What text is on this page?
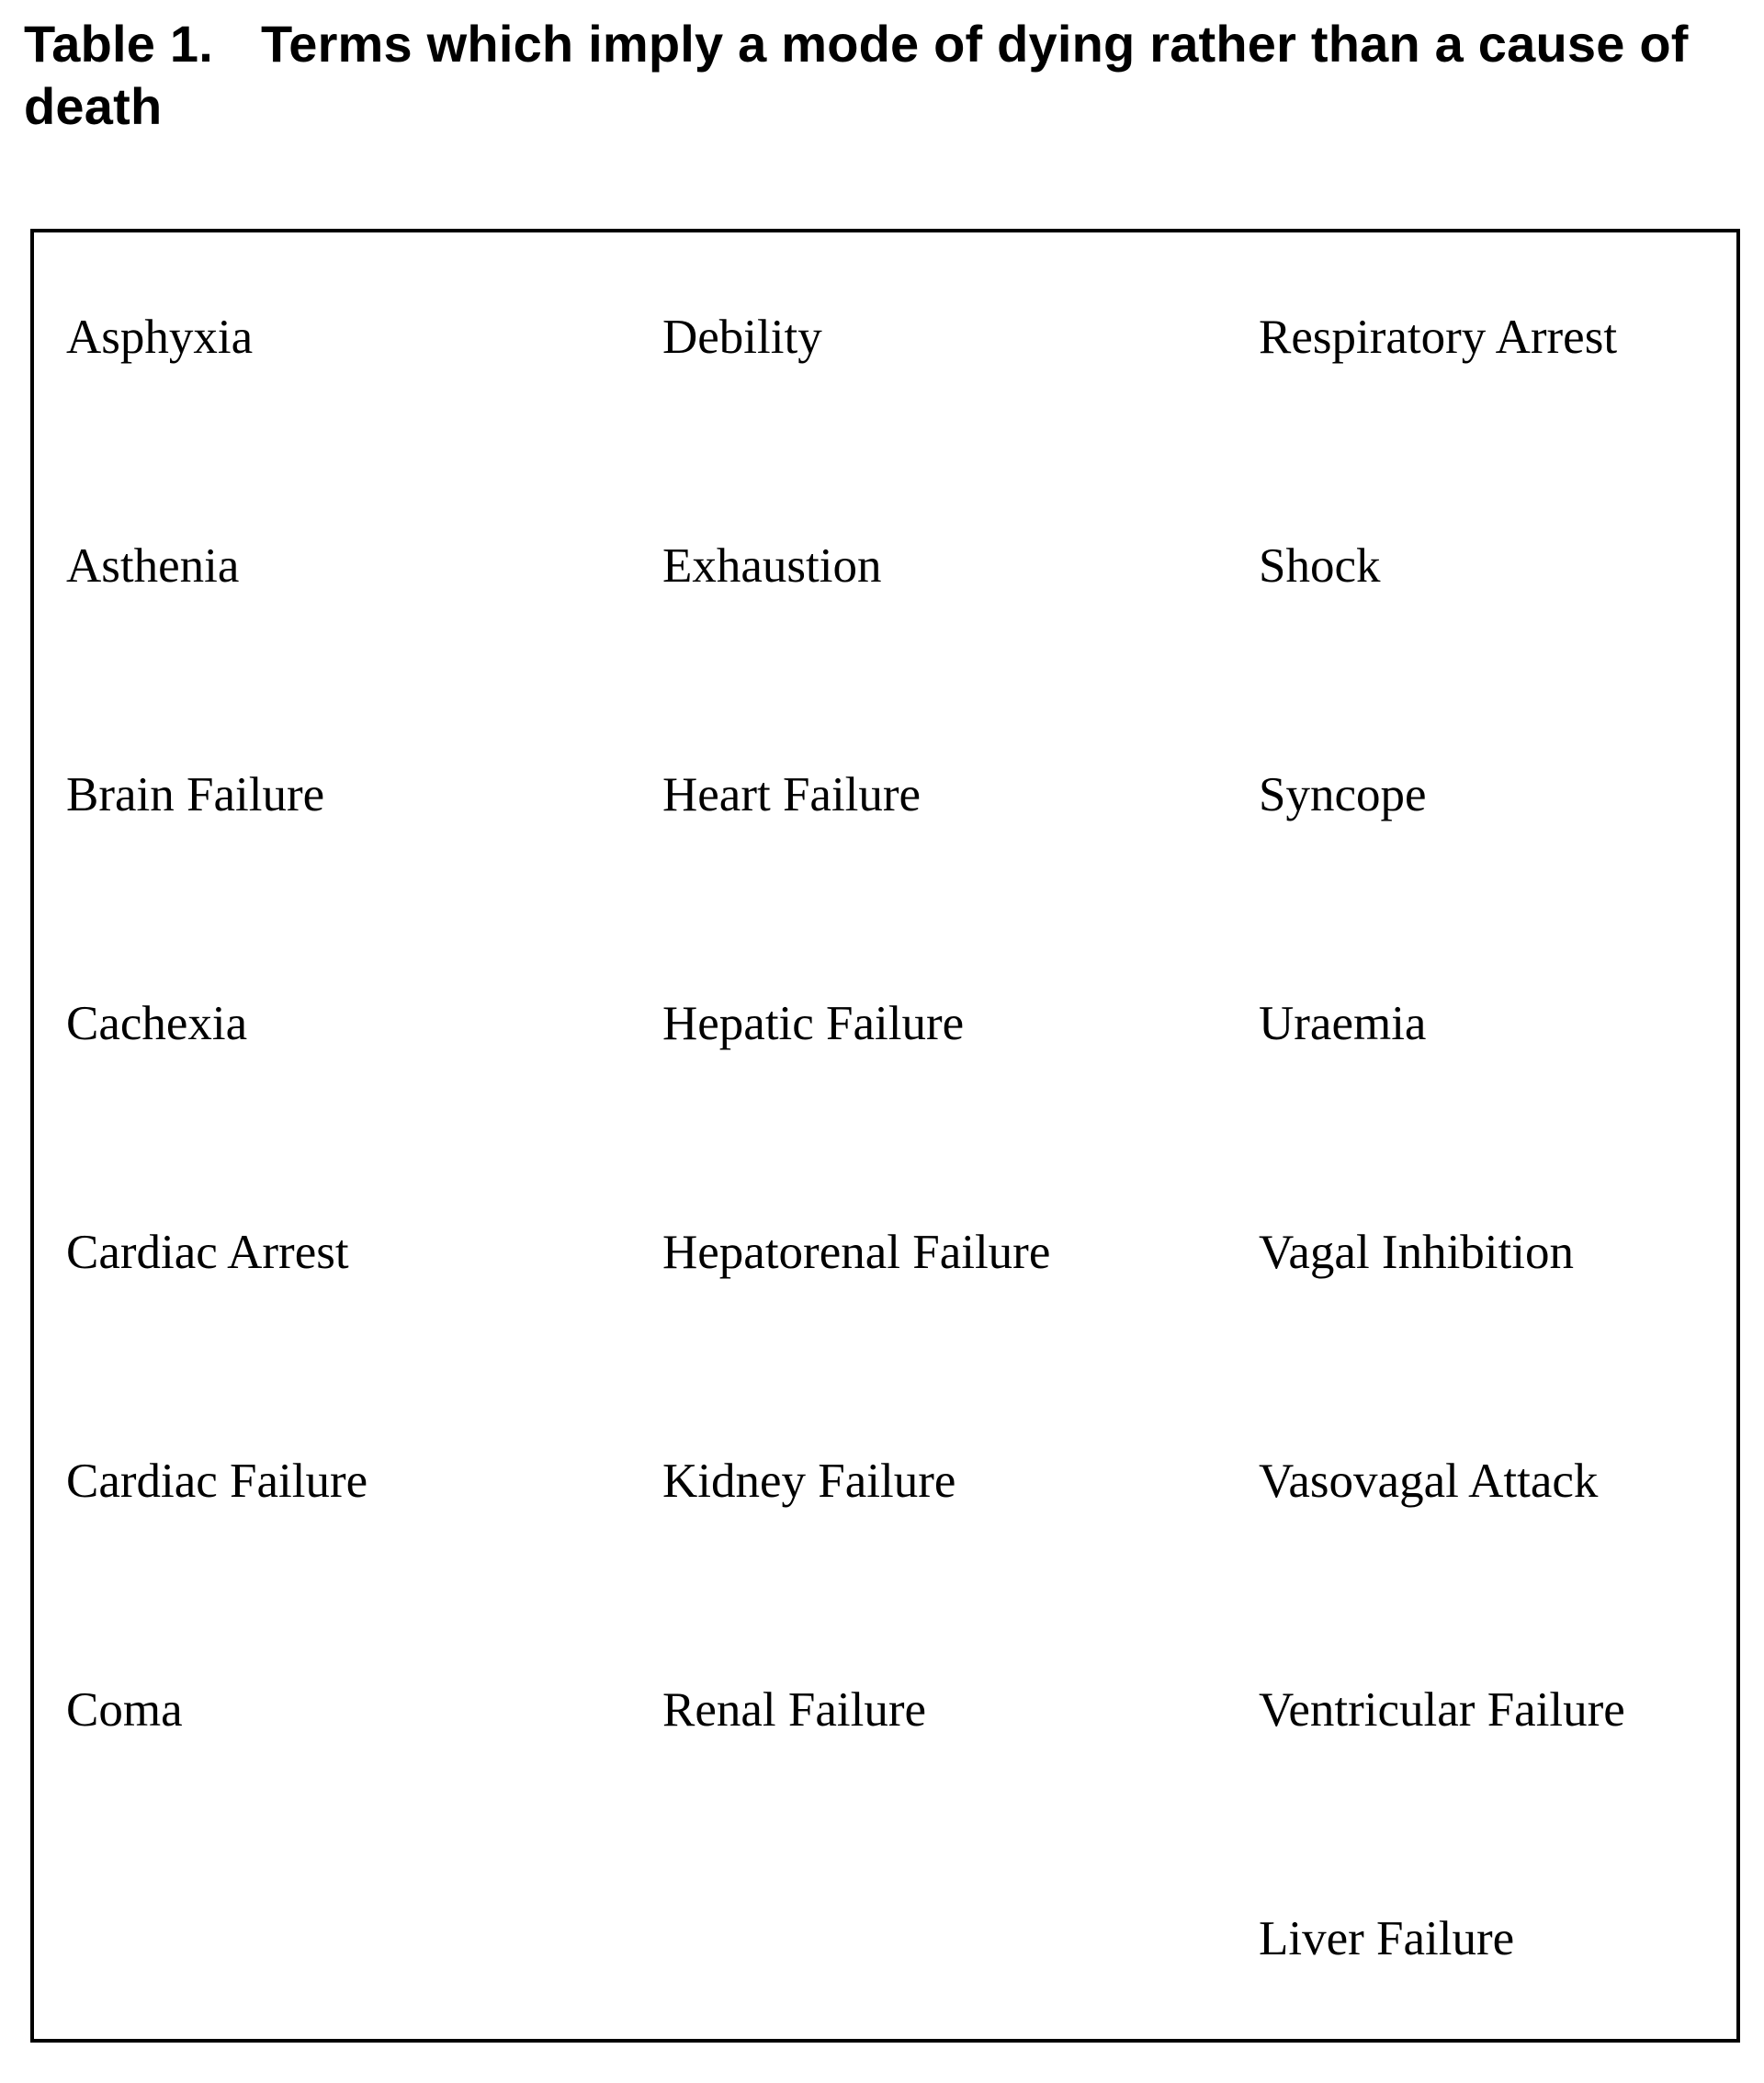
Table 1. Terms which imply a mode of dying rather than a cause of death
Asphyxia
Asthenia
Brain Failure
Cachexia
Cardiac Arrest
Cardiac Failure
Coma
Debility
Exhaustion
Heart Failure
Hepatic Failure
Hepatorenal Failure
Kidney Failure
Renal Failure
Respiratory Arrest
Shock
Syncope
Uraemia
Vagal Inhibition
Vasovagal Attack
Ventricular Failure
Liver Failure
